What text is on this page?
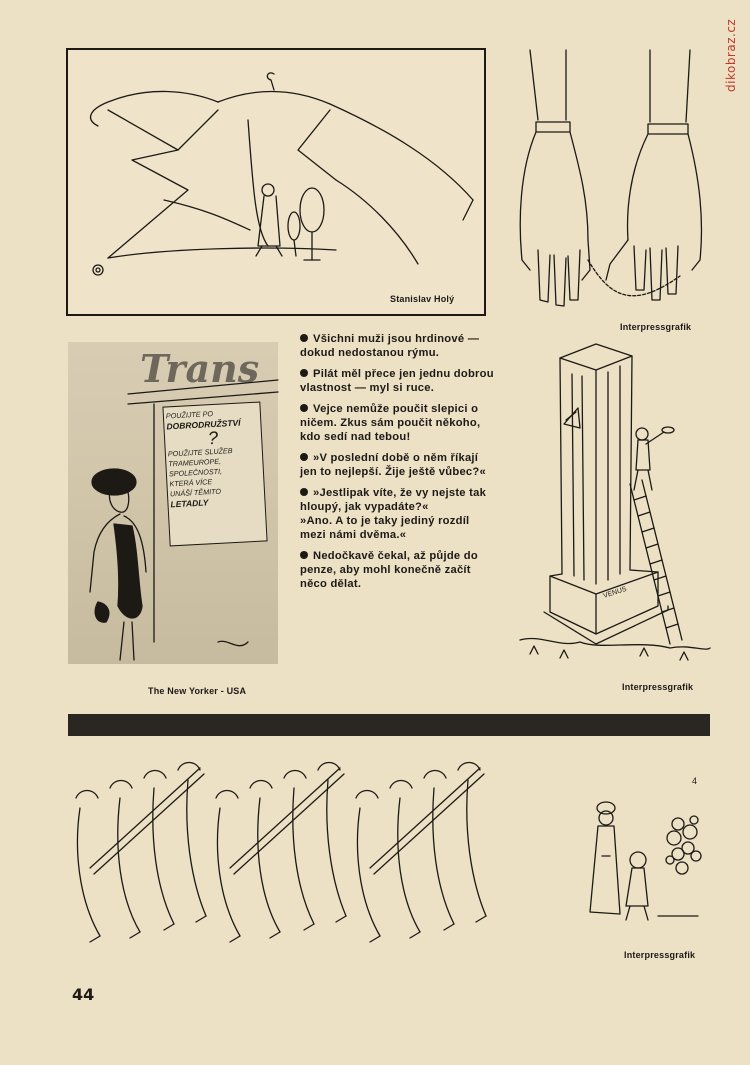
dikobraz.cz
Stanislav Holý
Interpressgrafik
Trans
POUŽIJTE PO
DOBRODRUŽSTVÍ
?
POUŽIJTE SLUŽEB
TRAMEUROPE,
SPOLEČNOSTI,
KTERÁ VÍCE
UNÁŠÍ TĚMITO
LETADLY
The New Yorker - USA

Všichni muži jsou hrdinové — dokud nedostanou rýmu.

Pilát měl přece jen jednu dobrou vlastnost — myl si ruce.

Vejce nemůže poučit slepici o ničem. Zkus sám poučit někoho, kdo sedí nad tebou!

»V poslední době o něm říkají jen to nejlepší. Žije ještě vůbec?«

»Jestlipak víte, že vy nejste tak hloupý, jak vypadáte?«

»Ano. A to je taky jediný rozdíl mezi námi dvěma.«

Nedočkavě čekal, až půjde do penze, aby mohl konečně začít něco dělat.

VENUS
Interpressgrafik
4
Interpressgrafik
44
